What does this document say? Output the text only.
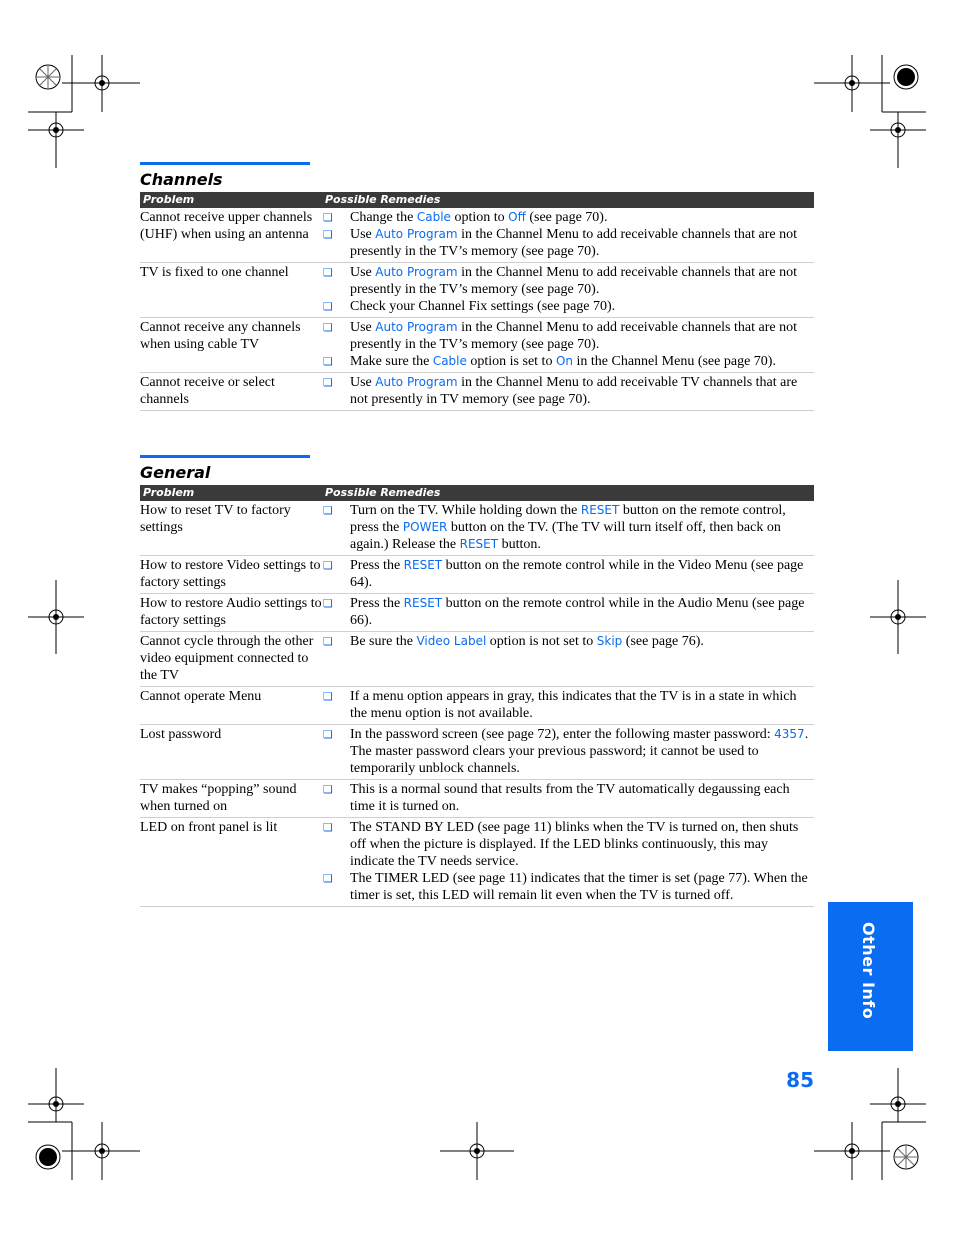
Channels
Problem	Possible Remedies
Cannot receive upper channels (UHF) when using an antenna
❏	Change the Cable option to Off (see page 70).
❏	Use Auto Program in the Channel Menu to add receivable channels that are not presently in the TV’s memory (see page 70).
TV is fixed to one channel	❏	Use Auto Program in the Channel Menu to add receivable channels that are not presently in the TV’s memory (see page 70).
❏	Check your Channel Fix settings (see page 70).
Cannot receive any channels when using cable TV
❏	Use Auto Program in the Channel Menu to add receivable channels that are not presently in the TV’s memory (see page 70).
❏	Make sure the Cable option is set to On in the Channel Menu (see page 70).
Cannot receive or select channels
❏	Use Auto Program in the Channel Menu to add receivable TV channels that are not presently in TV memory (see page 70).
General
Problem	Possible Remedies
How to reset TV to factory settings
❏	Turn on the TV. While holding down the RESET button on the remote control, press the POWER button on the TV. (The TV will turn itself off, then back on again.) Release the RESET button.
How to restore Video settings to factory settings
❏	Press the RESET button on the remote control while in the Video Menu (see page 64).
How to restore Audio settings to factory settings
❏	Press the RESET button on the remote control while in the Audio Menu (see page 66).
Cannot cycle through the other video equipment connected to the TV
❏	Be sure the Video Label option is not set to Skip (see page 76).
Cannot operate Menu	❏	If a menu option appears in gray, this indicates that the TV is in a state in which the menu option is not available.
Lost password	❏	In the password screen (see page 72), enter the following master password: 4357. The master password clears your previous password; it cannot be used to temporarily unblock channels.
TV makes “popping” sound when turned on
❏	This is a normal sound that results from the TV automatically degaussing each time it is turned on.
LED on front panel is lit	❏	The STAND BY LED (see page 11) blinks when the TV is turned on, then shuts off when the picture is displayed. If the LED blinks continuously, this may indicate the TV needs service.
❏	The TIMER LED (see page 11) indicates that the timer is set (page 77). When the timer is set, this LED will remain lit even when the TV is turned off.
Other Info
85
